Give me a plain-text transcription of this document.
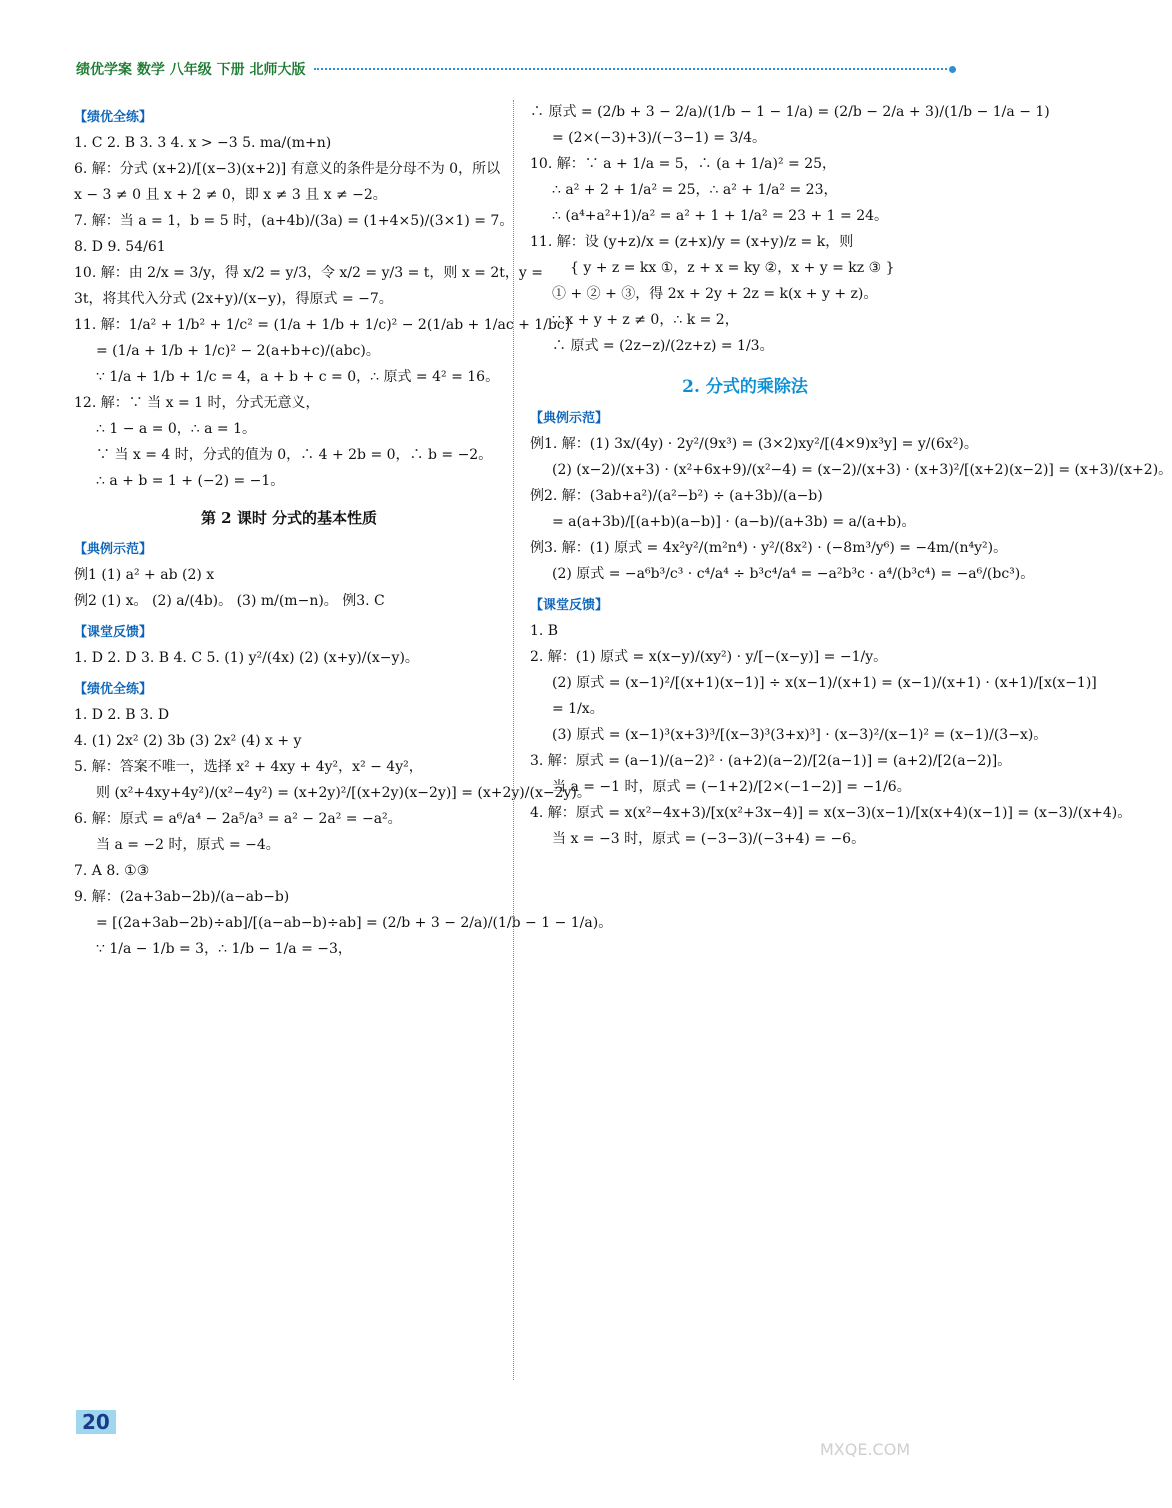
绩优学案 数学 八年级 下册 北师大版
【绩优全练】
1. C 2. B 3. 3 4. x > −3 5. ma/(m+n)
6. 解：分式 (x+2)/[(x−3)(x+2)] 有意义的条件是分母不为 0，所以
x − 3 ≠ 0 且 x + 2 ≠ 0，即 x ≠ 3 且 x ≠ −2。
7. 解：当 a = 1，b = 5 时，(a+4b)/(3a) = (1+4×5)/(3×1) = 7。
8. D 9. 54/61
10. 解：由 2/x = 3/y，得 x/2 = y/3，令 x/2 = y/3 = t，则 x = 2t，y =
3t，将其代入分式 (2x+y)/(x−y)，得原式 = −7。
11. 解：1/a² + 1/b² + 1/c² = (1/a + 1/b + 1/c)² − 2(1/ab + 1/ac + 1/bc)
= (1/a + 1/b + 1/c)² − 2(a+b+c)/(abc)。
∵ 1/a + 1/b + 1/c = 4，a + b + c = 0，∴ 原式 = 4² = 16。
12. 解：∵ 当 x = 1 时，分式无意义，
∴ 1 − a = 0，∴ a = 1。
∵ 当 x = 4 时，分式的值为 0，∴ 4 + 2b = 0，∴ b = −2。
∴ a + b = 1 + (−2) = −1。
第 2 课时 分式的基本性质
【典例示范】
例1 (1) a² + ab (2) x
例2 (1) x。 (2) a/(4b)。 (3) m/(m−n)。 例3. C
【课堂反馈】
1. D 2. D 3. B 4. C 5. (1) y²/(4x) (2) (x+y)/(x−y)。
【绩优全练】
1. D 2. B 3. D
4. (1) 2x² (2) 3b (3) 2x² (4) x + y
5. 解：答案不唯一，选择 x² + 4xy + 4y²，x² − 4y²，
则 (x²+4xy+4y²)/(x²−4y²) = (x+2y)²/[(x+2y)(x−2y)] = (x+2y)/(x−2y)。
6. 解：原式 = a⁶/a⁴ − 2a⁵/a³ = a² − 2a² = −a²。
当 a = −2 时，原式 = −4。
7. A 8. ①③
9. 解：(2a+3ab−2b)/(a−ab−b)
= [(2a+3ab−2b)÷ab]/[(a−ab−b)÷ab] = (2/b + 3 − 2/a)/(1/b − 1 − 1/a)。
∵ 1/a − 1/b = 3，∴ 1/b − 1/a = −3，
∴ 原式 = (2/b + 3 − 2/a)/(1/b − 1 − 1/a) = (2/b − 2/a + 3)/(1/b − 1/a − 1)
= (2×(−3)+3)/(−3−1) = 3/4。
10. 解：∵ a + 1/a = 5，∴ (a + 1/a)² = 25，
∴ a² + 2 + 1/a² = 25，∴ a² + 1/a² = 23，
∴ (a⁴+a²+1)/a² = a² + 1 + 1/a² = 23 + 1 = 24。
11. 解：设 (y+z)/x = (z+x)/y = (x+y)/z = k，则
{ y + z = kx ①，z + x = ky ②，x + y = kz ③ }
① + ② + ③，得 2x + 2y + 2z = k(x + y + z)。
∵ x + y + z ≠ 0，∴ k = 2，
∴ 原式 = (2z−z)/(2z+z) = 1/3。
2. 分式的乘除法
【典例示范】
例1. 解：(1) 3x/(4y) · 2y²/(9x³) = (3×2)xy²/[(4×9)x³y] = y/(6x²)。
(2) (x−2)/(x+3) · (x²+6x+9)/(x²−4) = (x−2)/(x+3) · (x+3)²/[(x+2)(x−2)] = (x+3)/(x+2)。
例2. 解：(3ab+a²)/(a²−b²) ÷ (a+3b)/(a−b)
= a(a+3b)/[(a+b)(a−b)] · (a−b)/(a+3b) = a/(a+b)。
例3. 解：(1) 原式 = 4x²y²/(m²n⁴) · y²/(8x²) · (−8m³/y⁶) = −4m/(n⁴y²)。
(2) 原式 = −a⁶b³/c³ · c⁴/a⁴ ÷ b³c⁴/a⁴ = −a²b³c · a⁴/(b³c⁴) = −a⁶/(bc³)。
【课堂反馈】
1. B
2. 解：(1) 原式 = x(x−y)/(xy²) · y/[−(x−y)] = −1/y。
(2) 原式 = (x−1)²/[(x+1)(x−1)] ÷ x(x−1)/(x+1) = (x−1)/(x+1) · (x+1)/[x(x−1)]
= 1/x。
(3) 原式 = (x−1)³(x+3)³/[(x−3)³(3+x)³] · (x−3)²/(x−1)² = (x−1)/(3−x)。
3. 解：原式 = (a−1)/(a−2)² · (a+2)(a−2)/[2(a−1)] = (a+2)/[2(a−2)]。
当 a = −1 时，原式 = (−1+2)/[2×(−1−2)] = −1/6。
4. 解：原式 = x(x²−4x+3)/[x(x²+3x−4)] = x(x−3)(x−1)/[x(x+4)(x−1)] = (x−3)/(x+4)。
当 x = −3 时，原式 = (−3−3)/(−3+4) = −6。
20
MXQE.COM
